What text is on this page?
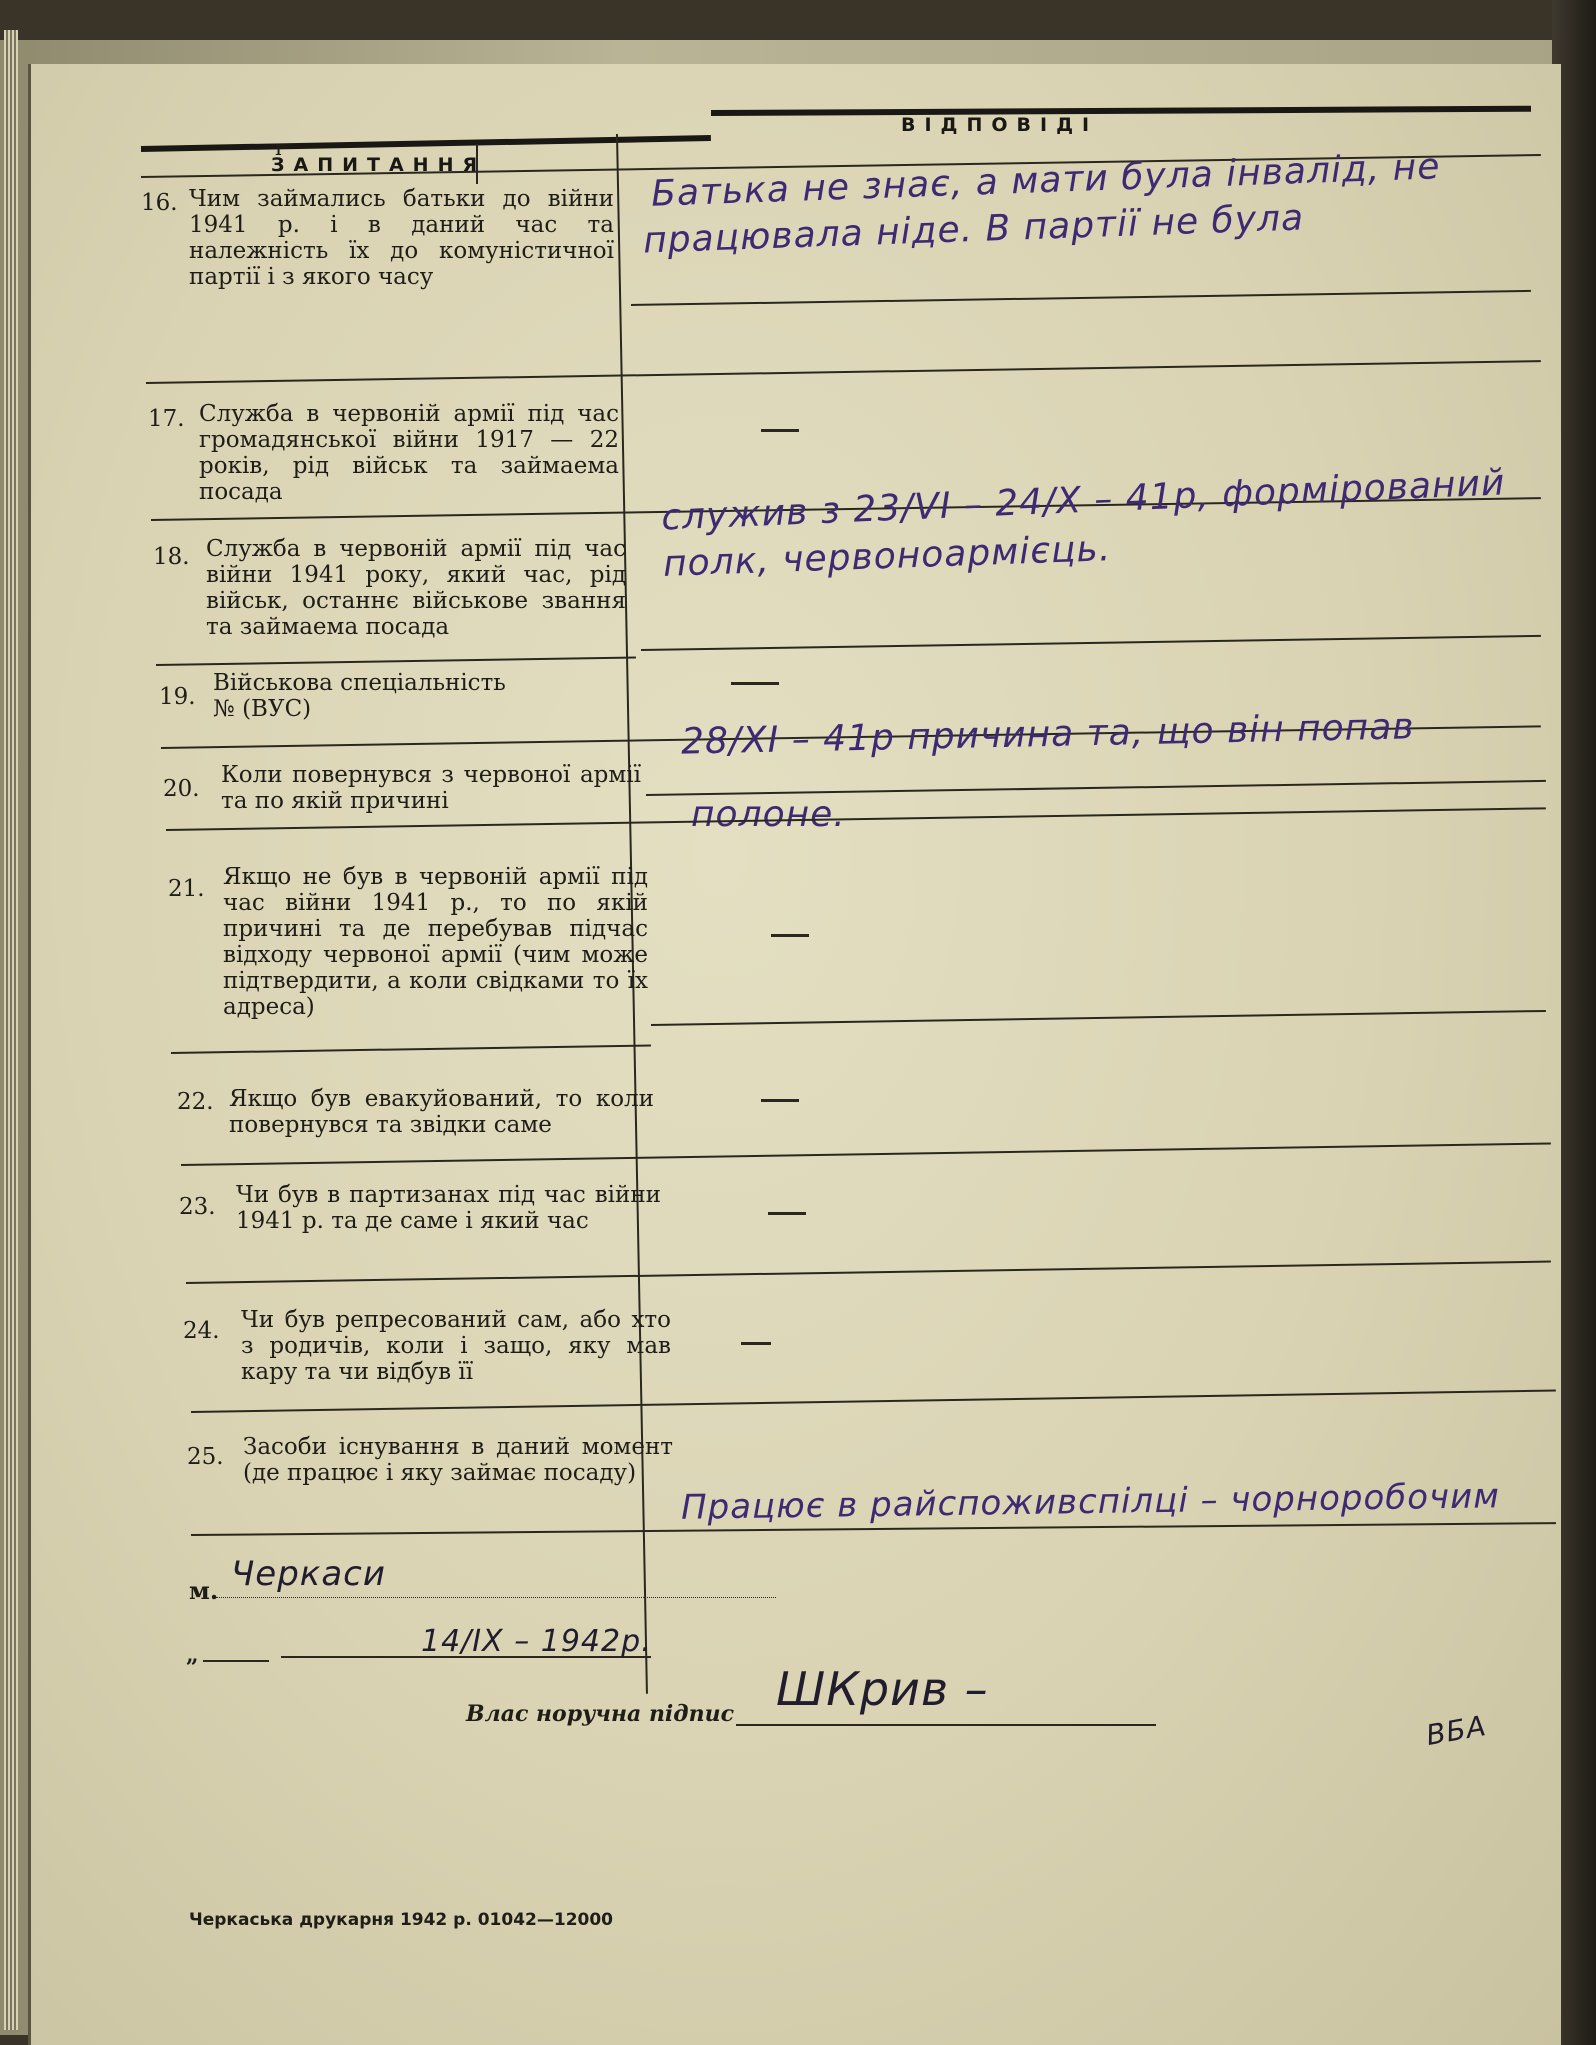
ВІДПОВІДІ
ЗАПИТАННЯ
16. Чим займались батьки до війни 1941 р. і в даний час та належність їх до комуністичної партії і з якого часу
Батька не знає, а мати була інвалід, не
працювала ніде. В партії не була
17. Служба в червоній армії під час громадянської війни 1917 — 22 років, рід військ та займаема посада
18. Служба в червоній армії під час війни 1941 року, який час, рід військ, останнє військове звання та займаема посада
служив з 23/VI – 24/X – 41р, формірований
полк, червоноармієць.
19.
Військова спеціальність № (ВУС)
20.
Коли повернувся з червоної армії та по якій причині
28/XI – 41р причина та, що він попав
полоне.
21. Якщо не був в червоній армії під час війни 1941 р., то по якій причині та де перебував підчас відходу червоної армії (чим може підтвердити, а коли свідками то їх адреса)
22. Якщо був евакуйований, то коли повернувся та звідки саме
23. Чи був в партизанах під час війни 1941 р. та де саме і який час
24. Чи був репресований сам, або хто з родичів, коли і защо, яку мав кару та чи відбув її
25. Засоби існування в даний момент (де працює і яку займає посаду)
Працює в райспоживспілці – чорноробочим
м. Черкаси
„	14/IX – 1942р.
Влас норучна підпис ШКрив –
ВБА
г
Черкаська друкарня 1942 р. 01042—12000
